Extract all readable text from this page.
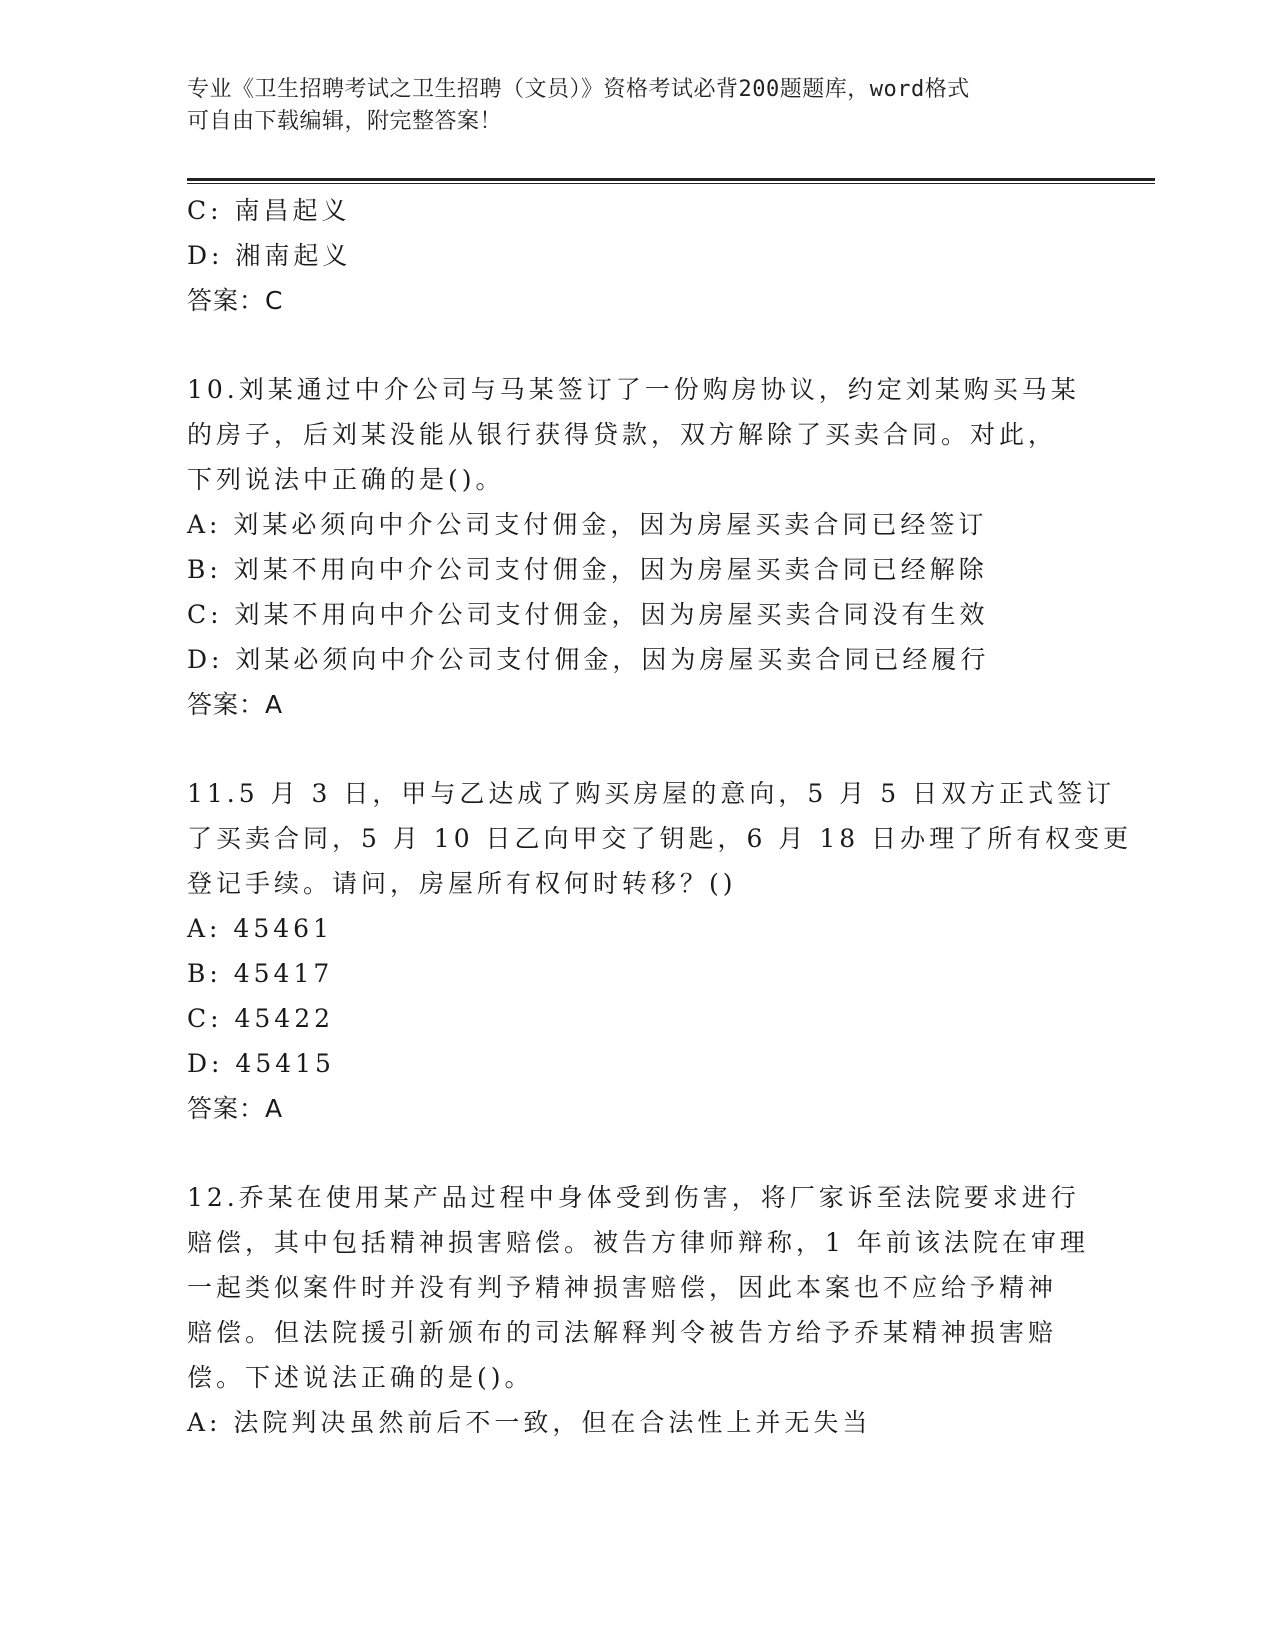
专业《卫生招聘考试之卫生招聘（文员）》资格考试必背200题题库，word格式
可自由下载编辑，附完整答案！
C: 南昌起义
D: 湘南起义
答案：C
10.刘某通过中介公司与马某签订了一份购房协议，约定刘某购买马某
的房子，后刘某没能从银行获得贷款，双方解除了买卖合同。对此，
下列说法中正确的是()。
A: 刘某必须向中介公司支付佣金，因为房屋买卖合同已经签订
B: 刘某不用向中介公司支付佣金，因为房屋买卖合同已经解除
C: 刘某不用向中介公司支付佣金，因为房屋买卖合同没有生效
D: 刘某必须向中介公司支付佣金，因为房屋买卖合同已经履行
答案：A
11.5 月 3 日，甲与乙达成了购买房屋的意向，5 月 5 日双方正式签订
了买卖合同，5 月 10 日乙向甲交了钥匙，6 月 18 日办理了所有权变更
登记手续。请问，房屋所有权何时转移？()
A: 45461
B: 45417
C: 45422
D: 45415
答案：A
12.乔某在使用某产品过程中身体受到伤害，将厂家诉至法院要求进行
赔偿，其中包括精神损害赔偿。被告方律师辩称，1 年前该法院在审理
一起类似案件时并没有判予精神损害赔偿，因此本案也不应给予精神
赔偿。但法院援引新颁布的司法解释判令被告方给予乔某精神损害赔
偿。下述说法正确的是()。
A: 法院判决虽然前后不一致，但在合法性上并无失当
